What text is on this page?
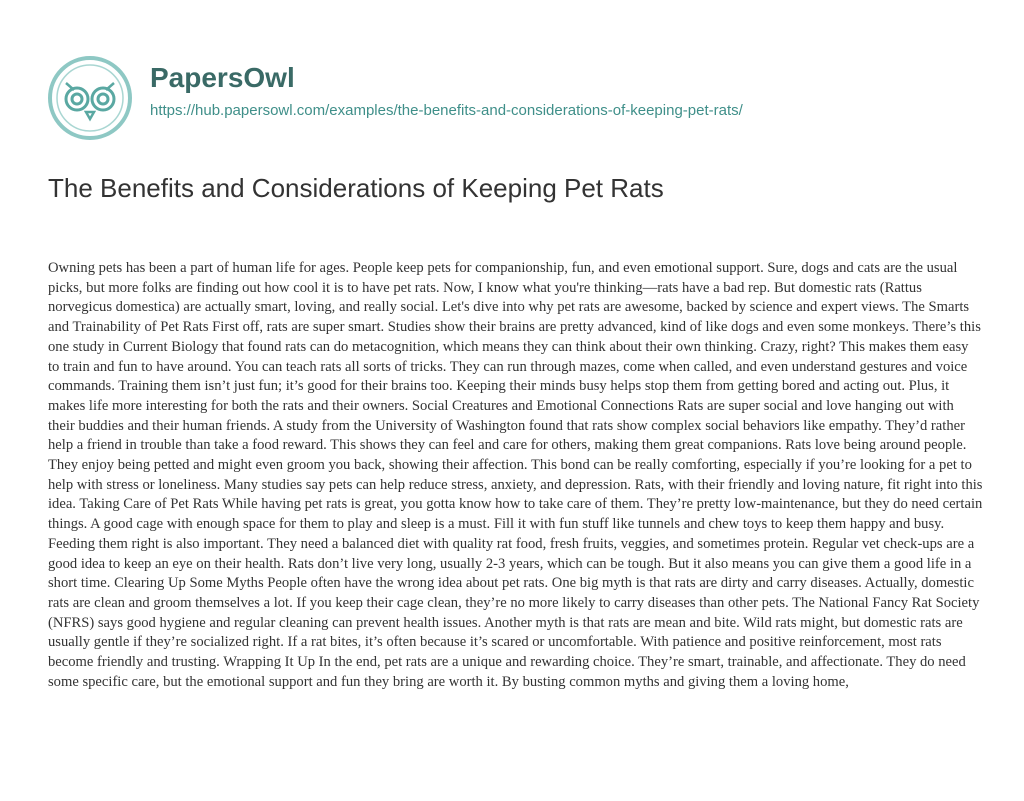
PapersOwl
https://hub.papersowl.com/examples/the-benefits-and-considerations-of-keeping-pet-rats/
The Benefits and Considerations of Keeping Pet Rats

Owning pets has been a part of human life for ages. People keep pets for companionship, fun, and even emotional support. Sure, dogs and cats are the usual picks, but more folks are finding out how cool it is to have pet rats. Now, I know what you're thinking—rats have a bad rep. But domestic rats (Rattus norvegicus domestica) are actually smart, loving, and really social. Let's dive into why pet rats are awesome, backed by science and expert views. The Smarts and Trainability of Pet Rats First off, rats are super smart. Studies show their brains are pretty advanced, kind of like dogs and even some monkeys. There’s this one study in Current Biology that found rats can do metacognition, which means they can think about their own thinking. Crazy, right? This makes them easy to train and fun to have around. You can teach rats all sorts of tricks. They can run through mazes, come when called, and even understand gestures and voice commands. Training them isn’t just fun; it’s good for their brains too. Keeping their minds busy helps stop them from getting bored and acting out. Plus, it makes life more interesting for both the rats and their owners. Social Creatures and Emotional Connections Rats are super social and love hanging out with their buddies and their human friends. A study from the University of Washington found that rats show complex social behaviors like empathy. They’d rather help a friend in trouble than take a food reward. This shows they can feel and care for others, making them great companions. Rats love being around people. They enjoy being petted and might even groom you back, showing their affection. This bond can be really comforting, especially if you’re looking for a pet to help with stress or loneliness. Many studies say pets can help reduce stress, anxiety, and depression. Rats, with their friendly and loving nature, fit right into this idea. Taking Care of Pet Rats While having pet rats is great, you gotta know how to take care of them. They’re pretty low-maintenance, but they do need certain things. A good cage with enough space for them to play and sleep is a must. Fill it with fun stuff like tunnels and chew toys to keep them happy and busy. Feeding them right is also important. They need a balanced diet with quality rat food, fresh fruits, veggies, and sometimes protein. Regular vet check-ups are a good idea to keep an eye on their health. Rats don’t live very long, usually 2-3 years, which can be tough. But it also means you can give them a good life in a short time. Clearing Up Some Myths People often have the wrong idea about pet rats. One big myth is that rats are dirty and carry diseases. Actually, domestic rats are clean and groom themselves a lot. If you keep their cage clean, they’re no more likely to carry diseases than other pets. The National Fancy Rat Society (NFRS) says good hygiene and regular cleaning can prevent health issues. Another myth is that rats are mean and bite. Wild rats might, but domestic rats are usually gentle if they’re socialized right. If a rat bites, it’s often because it’s scared or uncomfortable. With patience and positive reinforcement, most rats become friendly and trusting. Wrapping It Up In the end, pet rats are a unique and rewarding choice. They’re smart, trainable, and affectionate. They do need some specific care, but the emotional support and fun they bring are worth it. By busting common myths and giving them a loving home,
